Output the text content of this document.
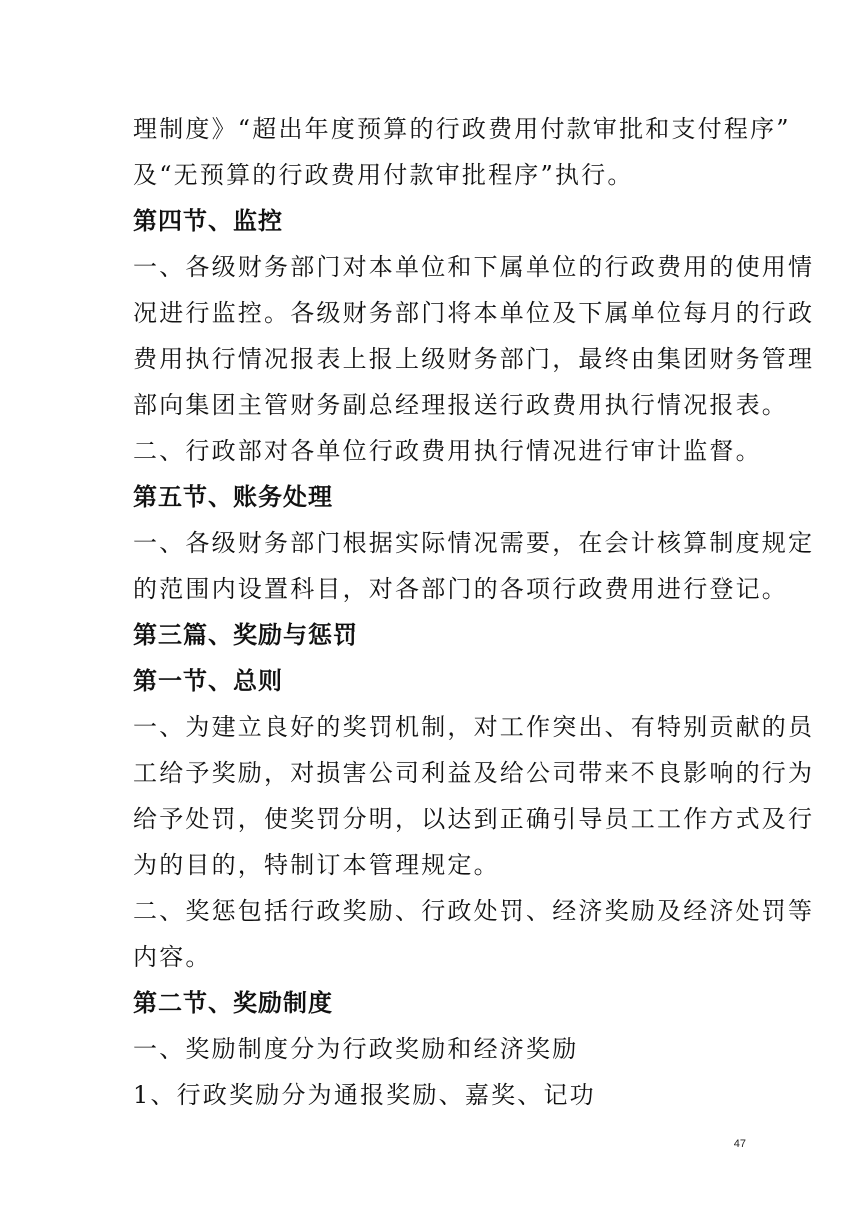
理制度》“超出年度预算的行政费用付款审批和支付程序”
及“无预算的行政费用付款审批程序”执行。
第四节、监控
一、各级财务部门对本单位和下属单位的行政费用的使用情
况进行监控。各级财务部门将本单位及下属单位每月的行政
费用执行情况报表上报上级财务部门，最终由集团财务管理
部向集团主管财务副总经理报送行政费用执行情况报表。
二、行政部对各单位行政费用执行情况进行审计监督。
第五节、账务处理
一、各级财务部门根据实际情况需要，在会计核算制度规定
的范围内设置科目，对各部门的各项行政费用进行登记。
第三篇、奖励与惩罚
第一节、总则
一、为建立良好的奖罚机制，对工作突出、有特别贡献的员
工给予奖励，对损害公司利益及给公司带来不良影响的行为
给予处罚，使奖罚分明，以达到正确引导员工工作方式及行
为的目的，特制订本管理规定。
二、奖惩包括行政奖励、行政处罚、经济奖励及经济处罚等
内容。
第二节、奖励制度
一、奖励制度分为行政奖励和经济奖励
1、行政奖励分为通报奖励、嘉奖、记功
47
